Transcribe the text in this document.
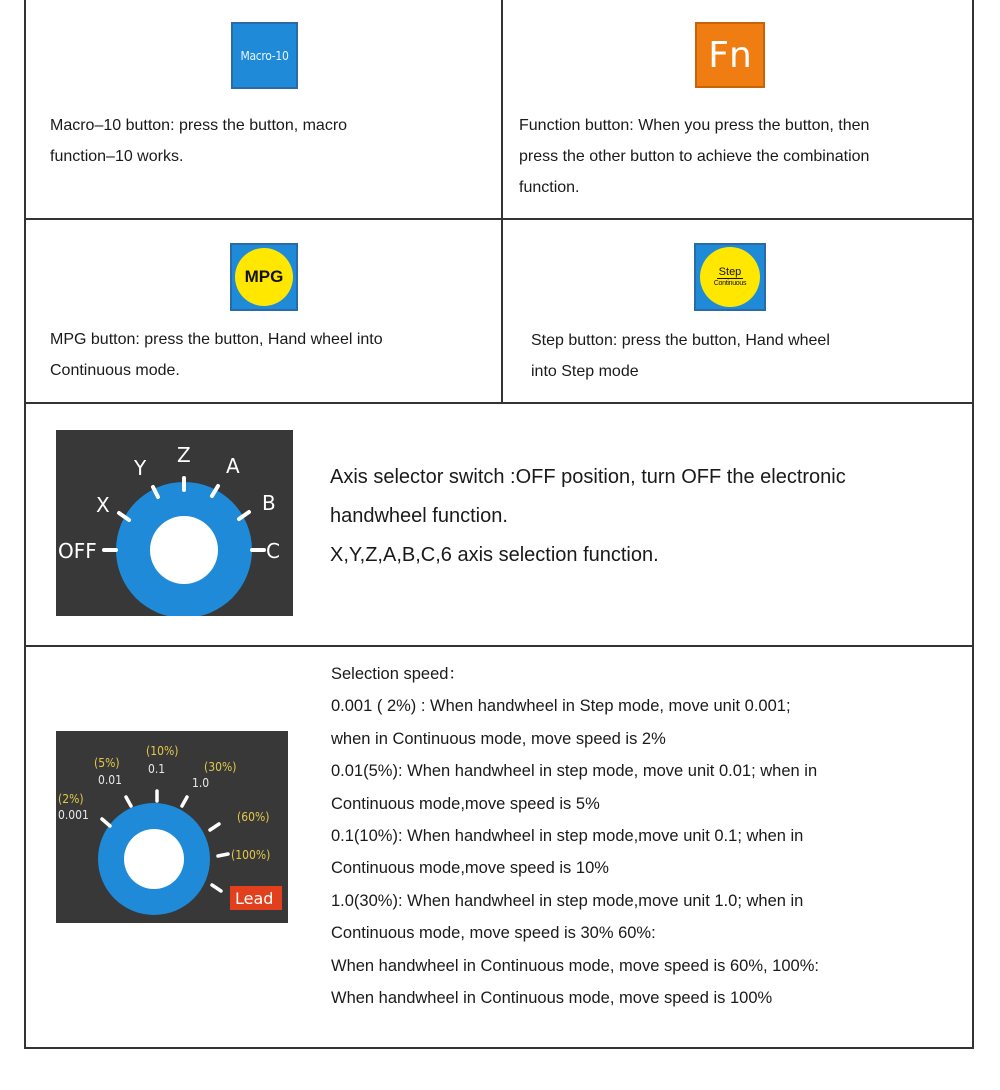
Macro-10
Macro–10 button: press the button, macro
function–10 works.
Fn
Function button: When you press the button, then
press the other button to achieve the combination
function.
MPG
MPG button: press the button, Hand wheel into
Continuous mode.
Step
Continuous
Step button: press the button, Hand wheel
into Step mode
OFF
X
Y
Z A
B
C
Axis selector switch :OFF position, turn OFF the electronic
handwheel function.
X,Y,Z,A,B,C,6 axis selection function.
(2%)
0.001
(5%)
0.01
(10%)
0.1	(30%)
1.0
(60%)
(100%)
Lead
Selection speed：
0.001 ( 2%) : When handwheel in Step mode, move unit 0.001;
when in Continuous mode, move speed is 2%
0.01(5%): When handwheel in step mode, move unit 0.01; when in
Continuous mode,move speed is 5%
0.1(10%): When handwheel in step mode,move unit 0.1; when in
Continuous mode,move speed is 10%
1.0(30%): When handwheel in step mode,move unit 1.0; when in
Continuous mode, move speed is 30% 60%:
When handwheel in Continuous mode, move speed is 60%, 100%:
When handwheel in Continuous mode, move speed is 100%
